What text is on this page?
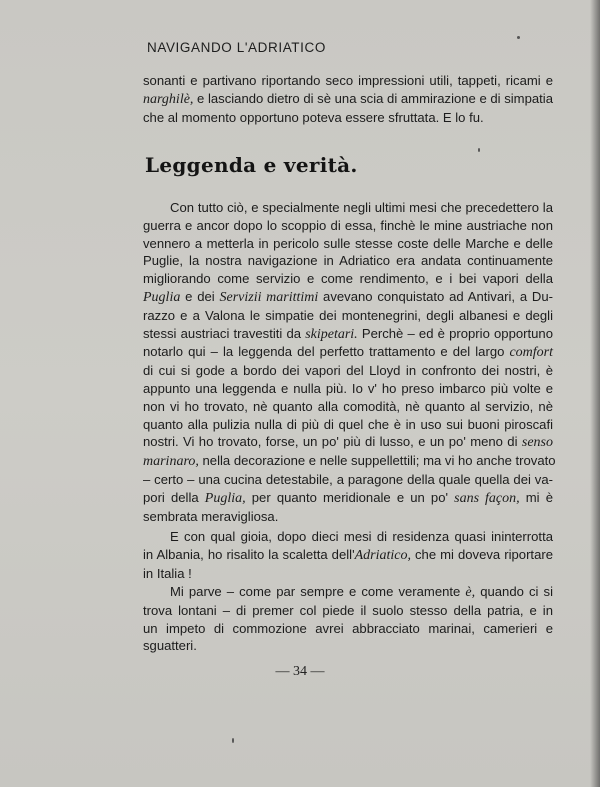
NAVIGANDO L'ADRIATICO
sonanti e partivano riportando seco impressioni utili, tappeti, ricami e
narghilè, e lasciando dietro di sè una scia di ammirazione e di simpatia
che al momento opportuno poteva essere sfruttata. E lo fu.
Leggenda e verità.
Con tutto ciò, e specialmente negli ultimi mesi che precedettero la
guerra e ancor dopo lo scoppio di essa, finchè le mine austriache non
vennero a metterla in pericolo sulle stesse coste delle Marche e delle
Puglie, la nostra navigazione in Adriatico era andata continuamente
migliorando come servizio e come rendimento, e i bei vapori della
Puglia e dei Servizii marittimi avevano conquistato ad Antivari, a Du-
razzo e a Valona le simpatie dei montenegrini, degli albanesi e degli
stessi austriaci travestiti da skipetari. Perchè – ed è proprio opportuno
notarlo qui – la leggenda del perfetto trattamento e del largo comfort
di cui si gode a bordo dei vapori del Lloyd in confronto dei nostri, è
appunto una leggenda e nulla più. Io v' ho preso imbarco più volte e
non vi ho trovato, nè quanto alla comodità, nè quanto al servizio, nè
quanto alla pulizia nulla di più di quel che è in uso sui buoni piroscafi
nostri. Vi ho trovato, forse, un po' più di lusso, e un po' meno di senso
marinaro, nella decorazione e nelle suppellettili; ma vi ho anche trovato
– certo – una cucina detestabile, a paragone della quale quella dei va-
pori della Puglia, per quanto meridionale e un po' sans façon, mi è
sembrata meravigliosa.
E con qual gioia, dopo dieci mesi di residenza quasi ininterrotta
in Albania, ho risalito la scaletta dell'Adriatico, che mi doveva riportare
in Italia !
Mi parve – come par sempre e come veramente è, quando ci si
trova lontani – di premer col piede il suolo stesso della patria, e in
un impeto di commozione avrei abbracciato marinai, camerieri e
sguatteri.
— 34 —
